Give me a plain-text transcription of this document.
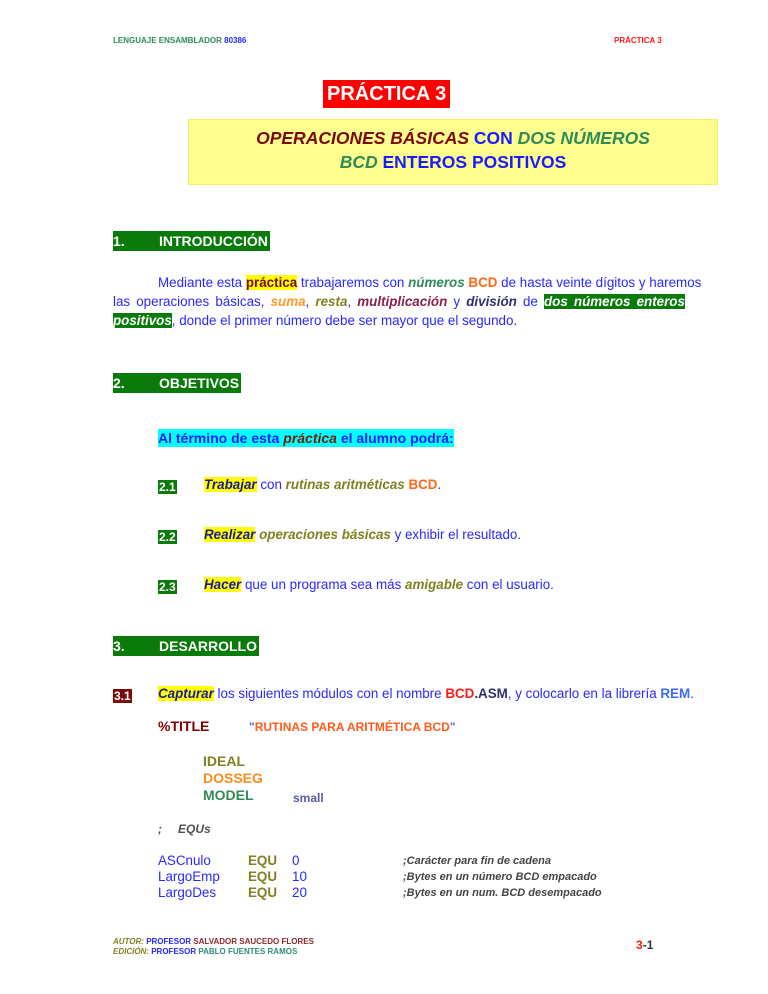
LENGUAJE ENSAMBLADOR 80386	PRÁCTICA 3
PRÁCTICA 3
OPERACIONES BÁSICAS CON DOS NÚMEROS
BCD ENTEROS POSITIVOS
1. INTRODUCCIÓN
Mediante esta práctica trabajaremos con números BCD de hasta veinte dígitos y haremos
las operaciones básicas, suma, resta, multiplicación y división de dos números enteros
positivos, donde el primer número debe ser mayor que el segundo.
2. OBJETIVOS
Al término de esta práctica el alumno podrá:
2.1 Trabajar con rutinas aritméticas BCD.
2.2 Realizar operaciones básicas y exhibir el resultado.
2.3 Hacer que un programa sea más amigable con el usuario.
3. DESARROLLO
3.1 Capturar los siguientes módulos con el nombre BCD.ASM, y colocarlo en la librería REM.
%TITLE	"RUTINAS PARA ARITMÉTICA BCD"
IDEAL
DOSSEG
MODEL	small
; EQUs
ASCnulo	EQU 0	;Carácter para fin de cadena
LargoEmp EQU 10	;Bytes en un número BCD empacado
LargoDes EQU 20	;Bytes en un num. BCD desempacado
AUTOR: PROFESOR SALVADOR SAUCEDO FLORES
EDICIÓN: PROFESOR PABLO FUENTES RAMOS	3-1
